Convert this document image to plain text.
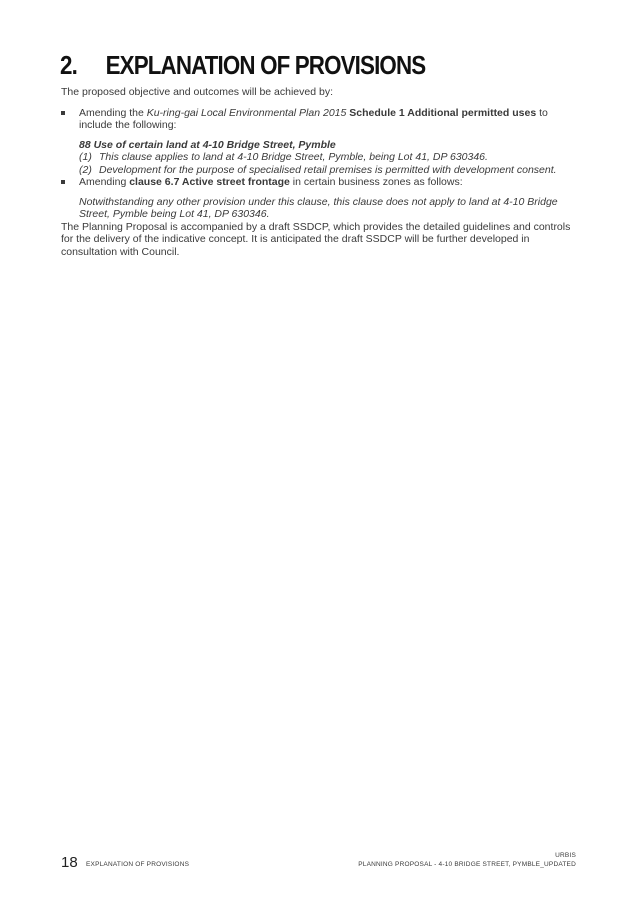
2. EXPLANATION OF PROVISIONS

The proposed objective and outcomes will be achieved by:

Amending the Ku-ring-gai Local Environmental Plan 2015 Schedule 1 Additional permitted uses to include the following:

88 Use of certain land at 4-10 Bridge Street, Pymble

(1) This clause applies to land at 4-10 Bridge Street, Pymble, being Lot 41, DP 630346.

(2) Development for the purpose of specialised retail premises is permitted with development consent.

Amending clause 6.7 Active street frontage in certain business zones as follows:

Notwithstanding any other provision under this clause, this clause does not apply to land at 4-10 Bridge Street, Pymble being Lot 41, DP 630346.

The Planning Proposal is accompanied by a draft SSDCP, which provides the detailed guidelines and controls for the delivery of the indicative concept. It is anticipated the draft SSDCP will be further developed in consultation with Council.

URBIS
18 EXPLANATION OF PROVISIONS	PLANNING PROPOSAL - 4-10 BRIDGE STREET, PYMBLE_UPDATED
